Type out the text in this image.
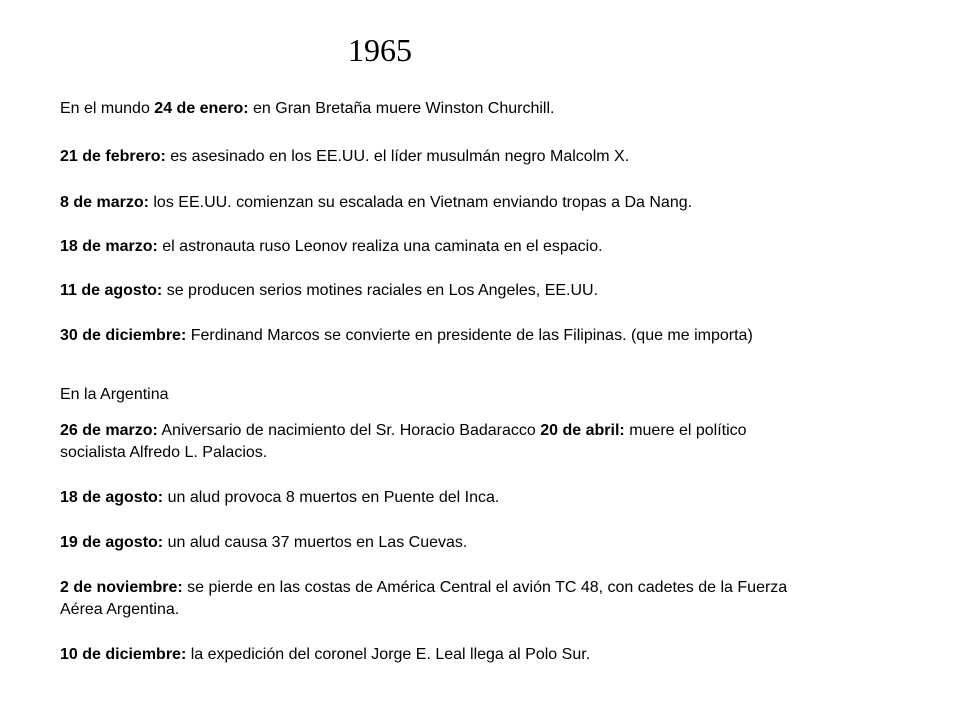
1965
En el mundo 24 de enero: en Gran Bretaña muere Winston Churchill.
21 de febrero: es asesinado en los EE.UU. el líder musulmán negro Malcolm X.
8 de marzo: los EE.UU. comienzan su escalada en Vietnam enviando tropas a Da Nang.
18 de marzo: el astronauta ruso Leonov realiza una caminata en el espacio.
11 de agosto: se producen serios motines raciales en Los Angeles, EE.UU.
30 de diciembre: Ferdinand Marcos se convierte en presidente de las Filipinas. (que me importa)
En la Argentina
26 de marzo: Aniversario de nacimiento del Sr. Horacio Badaracco 20 de abril: muere el político
socialista Alfredo L. Palacios.
18 de agosto: un alud provoca 8 muertos en Puente del Inca.
19 de agosto: un alud causa 37 muertos en Las Cuevas.
2 de noviembre: se pierde en las costas de América Central el avión TC 48, con cadetes de la Fuerza
Aérea Argentina.
10 de diciembre: la expedición del coronel Jorge E. Leal llega al Polo Sur.
